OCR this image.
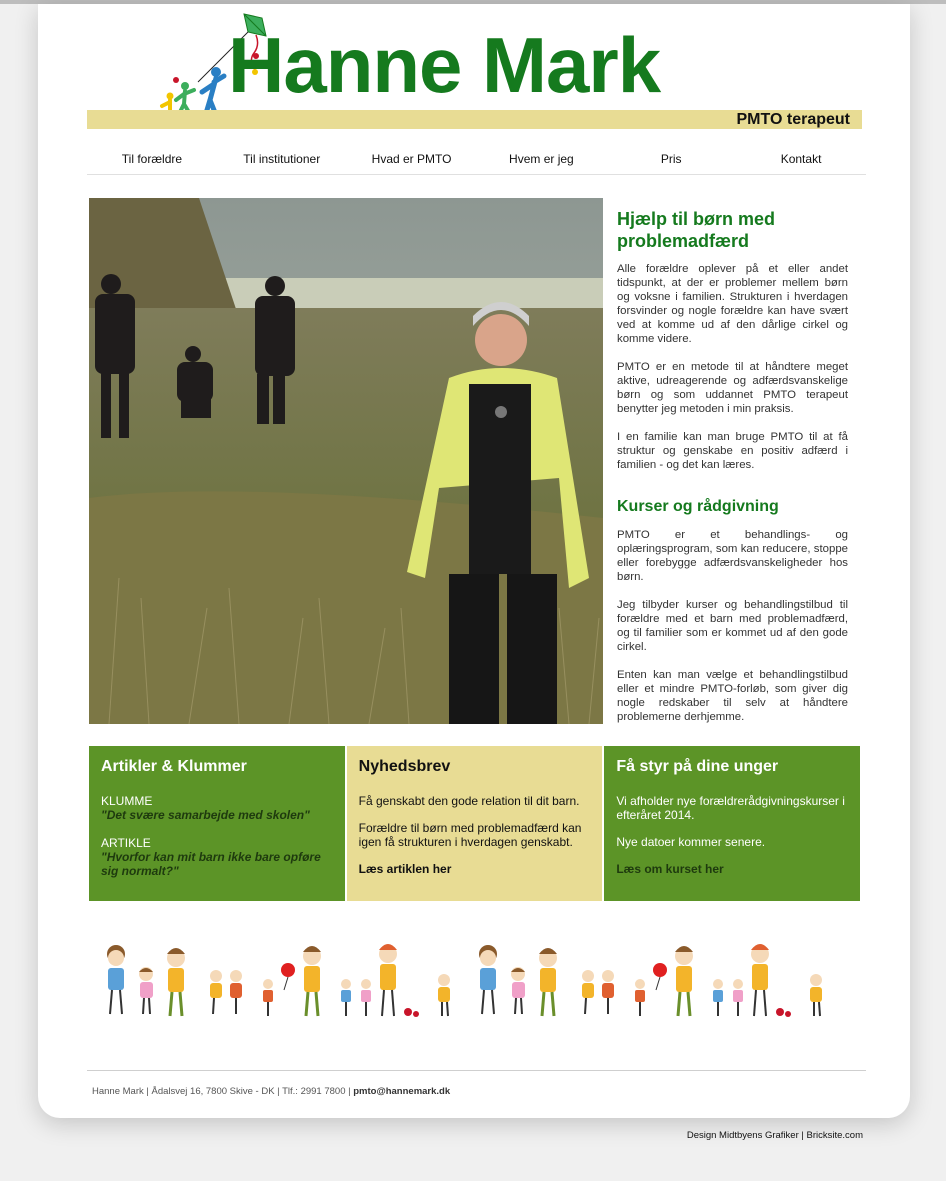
Hanne Mark
PMTO terapeut
Til forældre	Til institutioner	Hvad er PMTO	Hvem er jeg	Pris	Kontakt
Hjælp til børn med problemadfærd

Alle forældre oplever på et eller andet tidspunkt, at der er problemer mellem børn og voksne i familien. Strukturen i hverdagen forsvinder og nogle forældre kan have svært ved at komme ud af den dårlige cirkel og komme videre.

PMTO er en metode til at håndtere meget aktive, udreagerende og adfærdsvanskelige børn og som uddannet PMTO terapeut benytter jeg metoden i min praksis.

I en familie kan man bruge PMTO til at få struktur og genskabe en positiv adfærd i familien - og det kan læres.

Kurser og rådgivning

PMTO er et behandlings- og oplæringsprogram, som kan reducere, stoppe eller forebygge adfærdsvanskeligheder hos børn.

Jeg tilbyder kurser og behandlingstilbud til forældre med et barn med problemadfærd, og til familier som er kommet ud af den gode cirkel.

Enten kan man vælge et behandlingstilbud eller et mindre PMTO-forløb, som giver dig nogle redskaber til selv at håndtere problemerne derhjemme.

Artikler & Klummer
KLUMME
"Det svære samarbejde med skolen"
ARTIKLE
"Hvorfor kan mit barn ikke bare opføre sig normalt?"
Nyhedsbrev

Få genskabt den gode relation til dit barn.

Forældre til børn med problemadfærd kan igen få strukturen i hverdagen genskabt.

Læs artiklen her
Få styr på dine unger

Vi afholder nye forældrerådgivningskurser i efteråret 2014.

Nye datoer kommer senere.

Læs om kurset her
Hanne Mark | Ådalsvej 16, 7800 Skive - DK | Tlf.: 2991 7800 | pmto@hannemark.dk
Design Midtbyens Grafiker | Bricksite.com
